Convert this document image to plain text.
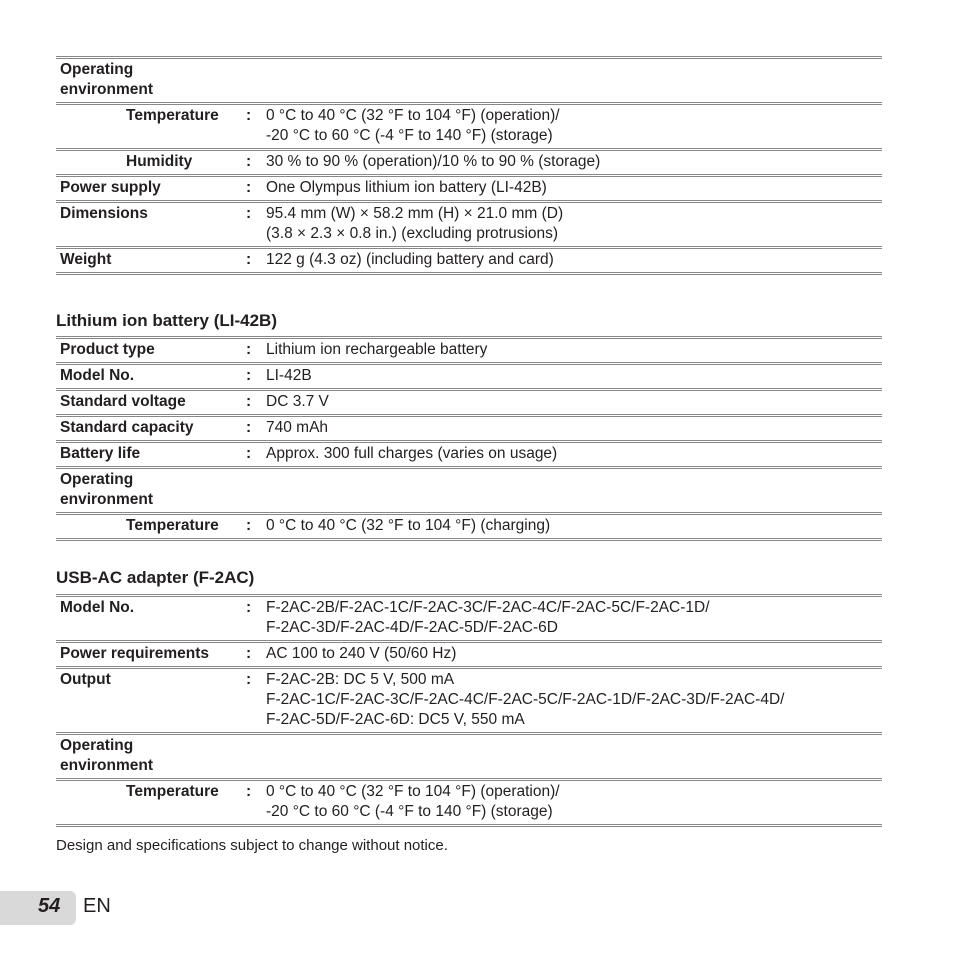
Operating environment		

Temperature	:	0 °C to 40 °C (32 °F to 104 °F) (operation)/
-20 °C to 60 °C (-4 °F to 140 °F) (storage)

Humidity	:	30 % to 90 % (operation)/10 % to 90 % (storage)

Power supply	:	One Olympus lithium ion battery (LI-42B)

Dimensions	:	95.4 mm (W) × 58.2 mm (H) × 21.0 mm (D)
(3.8 × 2.3 × 0.8 in.) (excluding protrusions)

Weight	:	122 g (4.3 oz) (including battery and card)
Lithium ion battery (LI-42B)
Product type	:	Lithium ion rechargeable battery

Model No.	:	LI-42B

Standard voltage	:	DC 3.7 V

Standard capacity	:	740 mAh

Battery life	:	Approx. 300 full charges (varies on usage)

Operating environment		

Temperature	:	0 °C to 40 °C (32 °F to 104 °F) (charging)
USB-AC adapter (F-2AC)
Model No.	:	F-2AC-2B/F-2AC-1C/F-2AC-3C/F-2AC-4C/F-2AC-5C/F-2AC-1D/
F-2AC-3D/F-2AC-4D/F-2AC-5D/F-2AC-6D

Power requirements	:	AC 100 to 240 V (50/60 Hz)

Output	:	F-2AC-2B: DC 5 V, 500 mA
F-2AC-1C/F-2AC-3C/F-2AC-4C/F-2AC-5C/F-2AC-1D/F-2AC-3D/F-2AC-4D/
F-2AC-5D/F-2AC-6D: DC5 V, 550 mA

Operating environment		

Temperature	:	0 °C to 40 °C (32 °F to 104 °F) (operation)/
-20 °C to 60 °C (-4 °F to 140 °F) (storage)

Design and specifications subject to change without notice.

54 EN
